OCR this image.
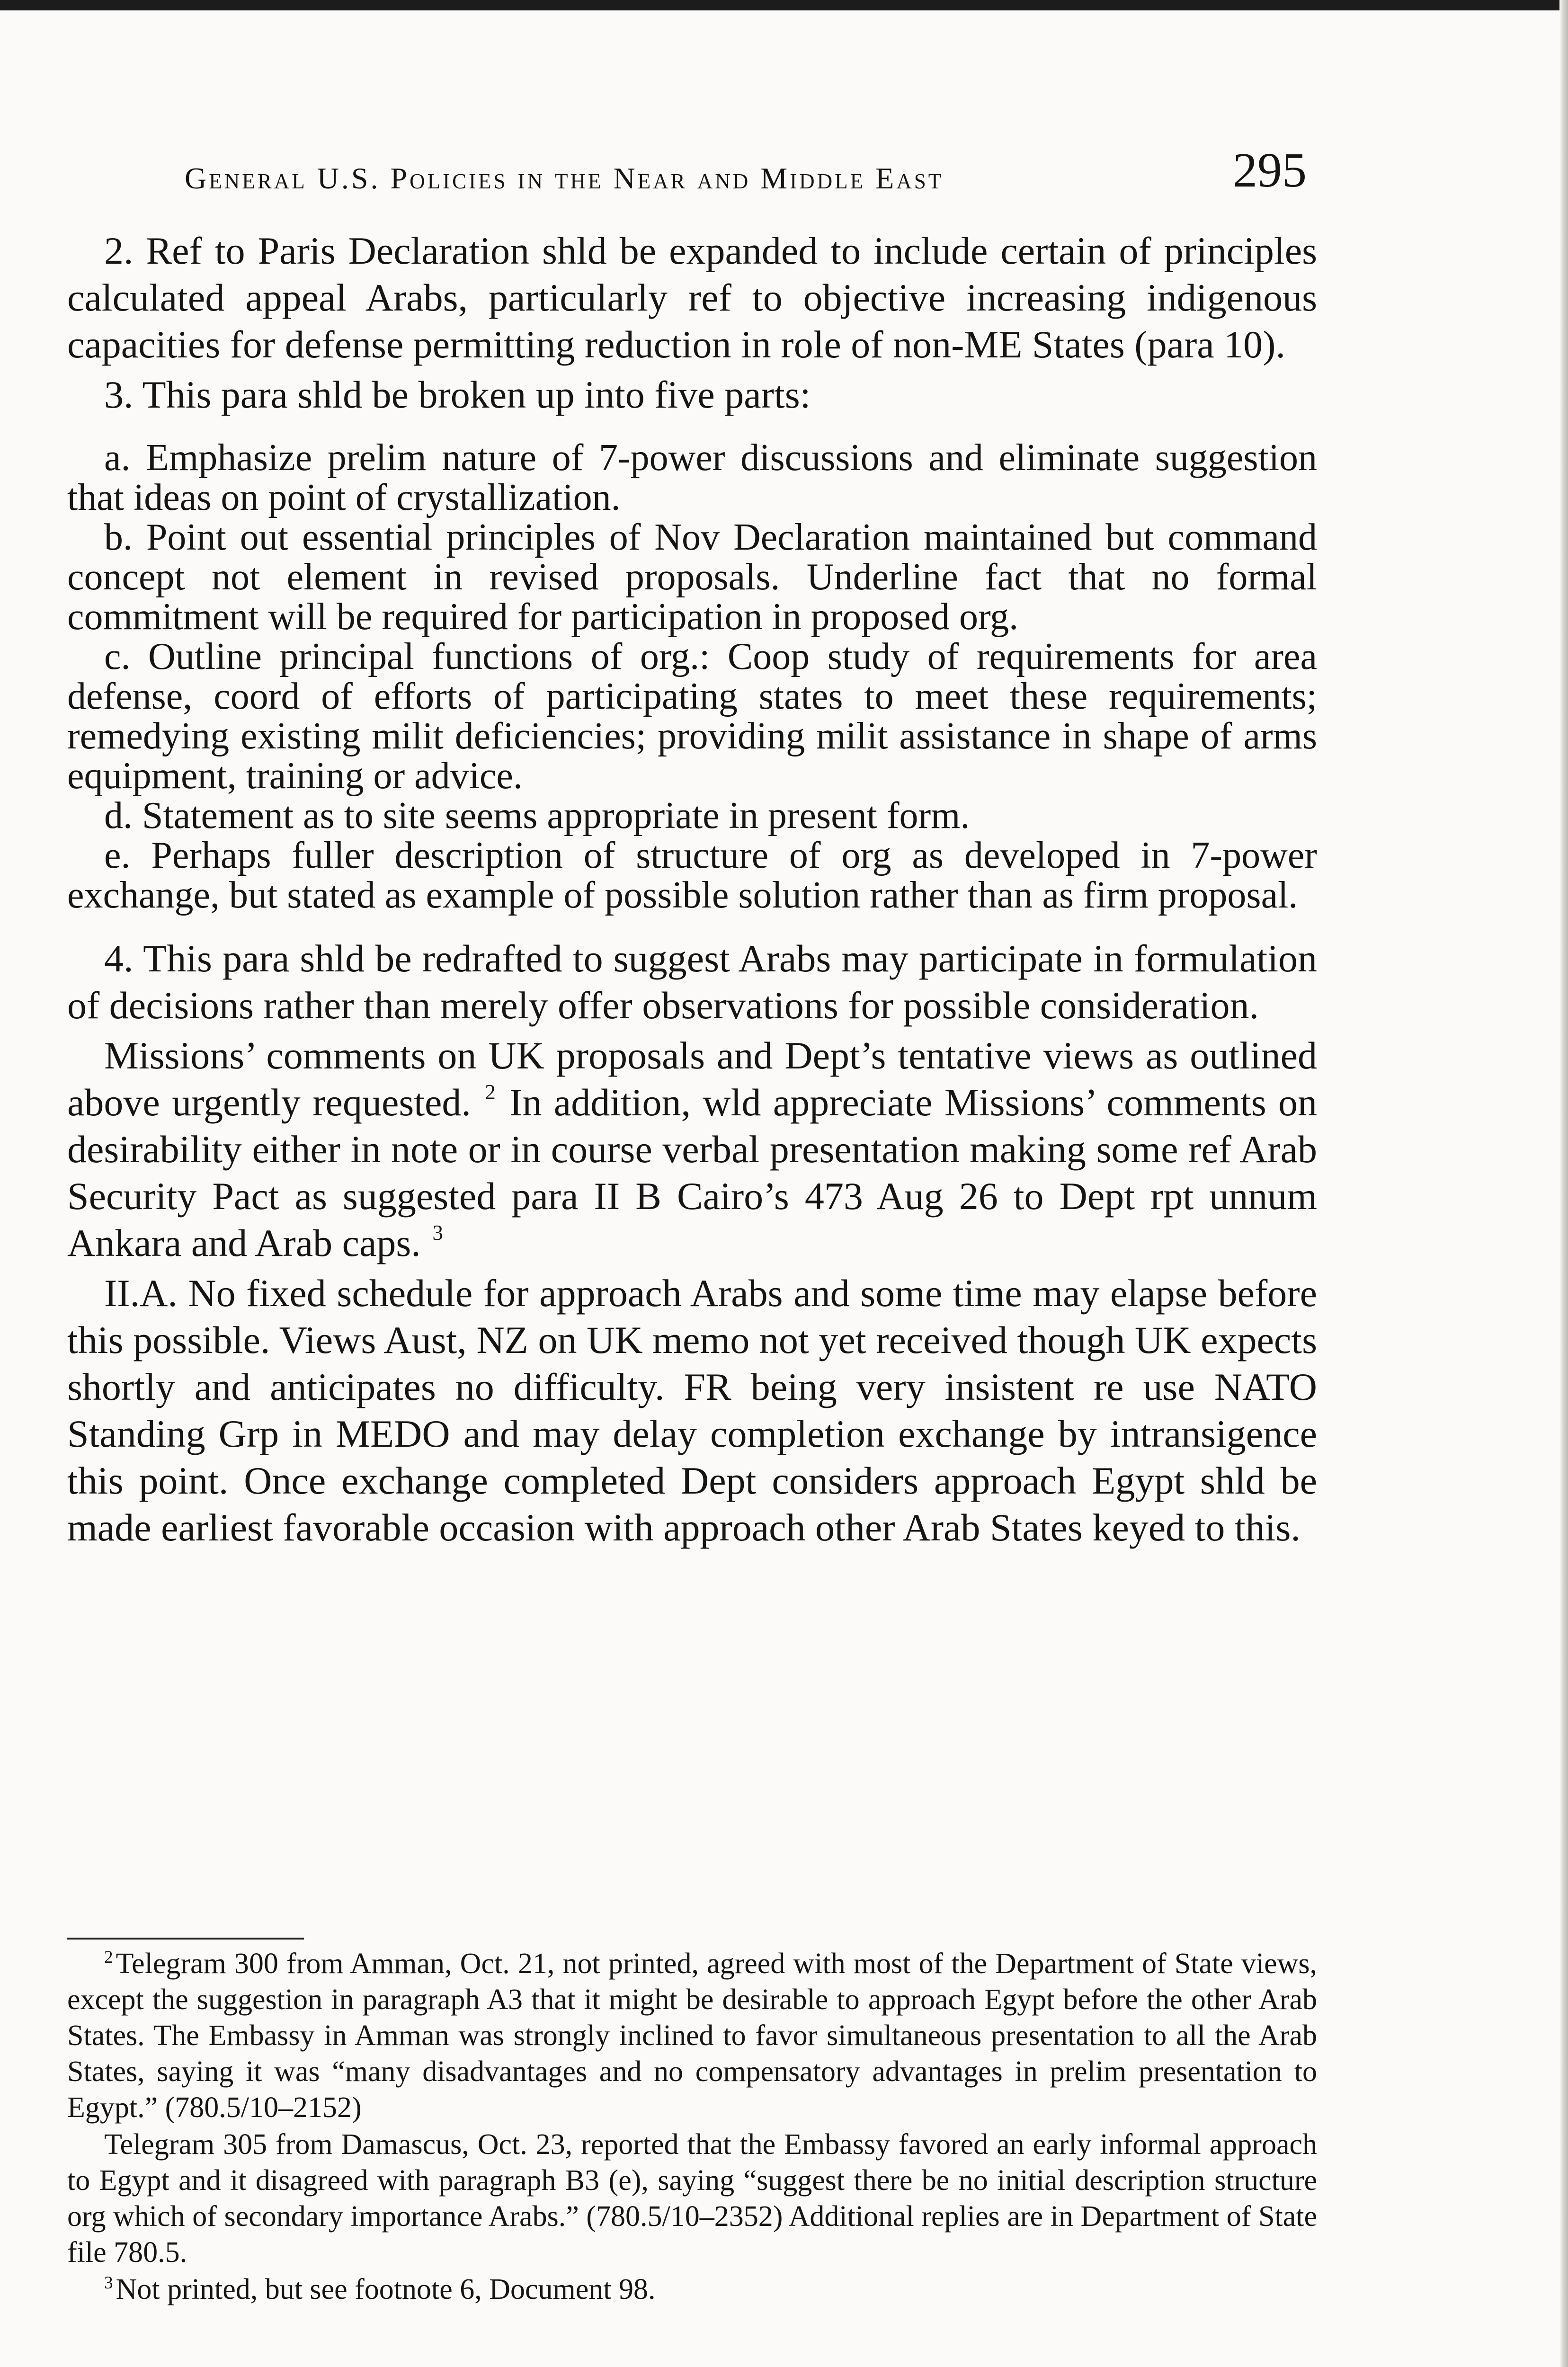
General U.S. Policies in the Near and Middle East	295

2. Ref to Paris Declaration shld be expanded to include certain of principles calculated appeal Arabs, particularly ref to objective increasing indigenous capacities for defense permitting reduction in role of non-ME States (para 10).

3. This para shld be broken up into five parts:

a. Emphasize prelim nature of 7-power discussions and eliminate suggestion that ideas on point of crystallization.

b. Point out essential principles of Nov Declaration maintained but command concept not element in revised proposals. Underline fact that no formal commitment will be required for participation in proposed org.

c. Outline principal functions of org.: Coop study of requirements for area defense, coord of efforts of participating states to meet these requirements; remedying existing milit deficiencies; providing milit assistance in shape of arms equipment, training or advice.

d. Statement as to site seems appropriate in present form.

e. Perhaps fuller description of structure of org as developed in 7-power exchange, but stated as example of possible solution rather than as firm proposal.

4. This para shld be redrafted to suggest Arabs may participate in formulation of decisions rather than merely offer observations for possible consideration.

Missions’ comments on UK proposals and Dept’s tentative views as outlined above urgently requested. $^2$ In addition, wld appreciate Missions’ comments on desirability either in note or in course verbal presentation making some ref Arab Security Pact as suggested para II B Cairo’s 473 Aug 26 to Dept rpt unnum Ankara and Arab caps. $^3$

II.A. No fixed schedule for approach Arabs and some time may elapse before this possible. Views Aust, NZ on UK memo not yet received though UK expects shortly and anticipates no difficulty. FR being very insistent re use NATO Standing Grp in MEDO and may delay completion exchange by intransigence this point. Once exchange completed Dept considers approach Egypt shld be made earliest favorable occasion with approach other Arab States keyed to this.

$^2$Telegram 300 from Amman, Oct. 21, not printed, agreed with most of the Department of State views, except the suggestion in paragraph A3 that it might be desirable to approach Egypt before the other Arab States. The Embassy in Amman was strongly inclined to favor simultaneous presentation to all the Arab States, saying it was “many disadvantages and no compensatory advantages in prelim presentation to Egypt.” (780.5/10–2152)

Telegram 305 from Damascus, Oct. 23, reported that the Embassy favored an early informal approach to Egypt and it disagreed with paragraph B3 (e), saying “suggest there be no initial description structure org which of secondary importance Arabs.” (780.5/10–2352) Additional replies are in Department of State file 780.5.

$^3$Not printed, but see footnote 6, Document 98.
